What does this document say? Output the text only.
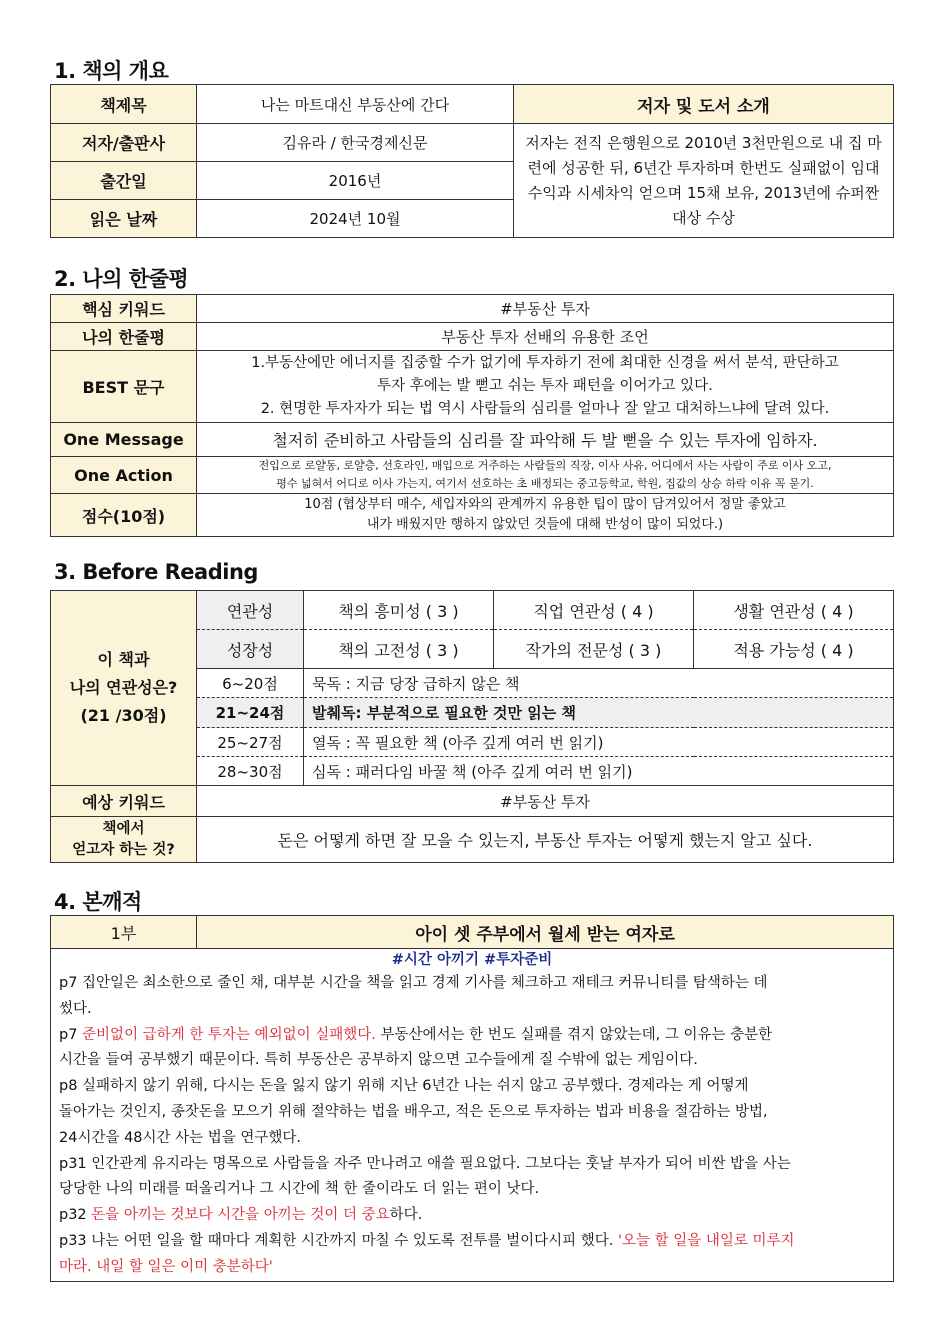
1. 책의 개요
책제목	나는 마트대신 부동산에 간다	저자 및 도서 소개
저자/출판사	김유라 / 한국경제신문	저자는 전직 은행원으로 2010년 3천만원으로 내 집 마련에 성공한 뒤, 6년간 투자하며 한번도 실패없이 임대수익과 시세차익 얻으며 15채 보유, 2013년에 슈퍼짠 대상 수상
출간일	2016년	
읽은 날짜	2024년 10월	
2. 나의 한줄평
핵심 키워드	#부동산 투자
나의 한줄평	부동산 투자 선배의 유용한 조언
BEST 문구	1.부동산에만 에너지를 집중할 수가 없기에 투자하기 전에 최대한 신경을 써서 분석, 판단하고
투자 후에는 발 뻗고 쉬는 투자 패턴을 이어가고 있다.
2. 현명한 투자자가 되는 법 역시 사람들의 심리를 얼마나 잘 알고 대처하느냐에 달려 있다.

One Message	철저히 준비하고 사람들의 심리를 잘 파악해 두 발 뻗을 수 있는 투자에 임하자.
One Action	전입으로 로얄동, 로얄층, 선호라인, 매입으로 거주하는 사람들의 직장, 이사 사유, 어디에서 사는 사람이 주로 이사 오고,
평수 넓혀서 어디로 이사 가는지, 여기서 선호하는 초 배정되는 중고등학교, 학원, 집값의 상승 하락 이유 꼭 묻기.

점수(10점)	10점 (협상부터 매수, 세입자와의 관계까지 유용한 팁이 많이 담겨있어서 정말 좋았고
내가 배웠지만 행하지 않았던 것들에 대해 반성이 많이 되었다.)
3. Before Reading
이 책과
나의 연관성은?
(21 /30점)	연관성	책의 흥미성 ( 3 )	직업 연관성 ( 4 )	생활 연관성 ( 4 )
	성장성	책의 고전성 ( 3 )	작가의 전문성 ( 3 )	적용 가능성 ( 4 )
	6~20점	묵독 : 지금 당장 급하지 않은 책		
	21~24점	발췌독: 부분적으로 필요한 것만 읽는 책		
	25~27점	열독 : 꼭 필요한 책 (아주 깊게 여러 번 읽기)		
	28~30점	심독 : 패러다임 바꿀 책 (아주 깊게 여러 번 읽기)		
예상 키워드	#부동산 투자			

책에서
얻고자 하는 것?	돈은 어떻게 하면 잘 모을 수 있는지, 부동산 투자는 어떻게 했는지 알고 싶다.			
4. 본깨적
1부	아이 셋 주부에서 월세 받는 여자로

#시간 아끼기 #투자준비

p7 집안일은 최소한으로 줄인 채, 대부분 시간을 책을 읽고 경제 기사를 체크하고 재테크 커뮤니티를 탐색하는 데
썼다.

p7 준비없이 급하게 한 투자는 예외없이 실패했다. 부동산에서는 한 번도 실패를 겪지 않았는데, 그 이유는 충분한
시간을 들여 공부했기 때문이다. 특히 부동산은 공부하지 않으면 고수들에게 질 수밖에 없는 게임이다.

p8 실패하지 않기 위해, 다시는 돈을 잃지 않기 위해 지난 6년간 나는 쉬지 않고 공부했다. 경제라는 게 어떻게
돌아가는 것인지, 종잣돈을 모으기 위해 절약하는 법을 배우고, 적은 돈으로 투자하는 법과 비용을 절감하는 방법,
24시간을 48시간 사는 법을 연구했다.

p31 인간관계 유지라는 명목으로 사람들을 자주 만나려고 애쓸 필요없다. 그보다는 훗날 부자가 되어 비싼 밥을 사는
당당한 나의 미래를 떠올리거나 그 시간에 책 한 줄이라도 더 읽는 편이 낫다.

p32 돈을 아끼는 것보다 시간을 아끼는 것이 더 중요하다.

p33 나는 어떤 일을 할 때마다 계획한 시간까지 마칠 수 있도록 전투를 벌이다시피 했다. '오늘 할 일을 내일로 미루지
마라. 내일 할 일은 이미 충분하다'
